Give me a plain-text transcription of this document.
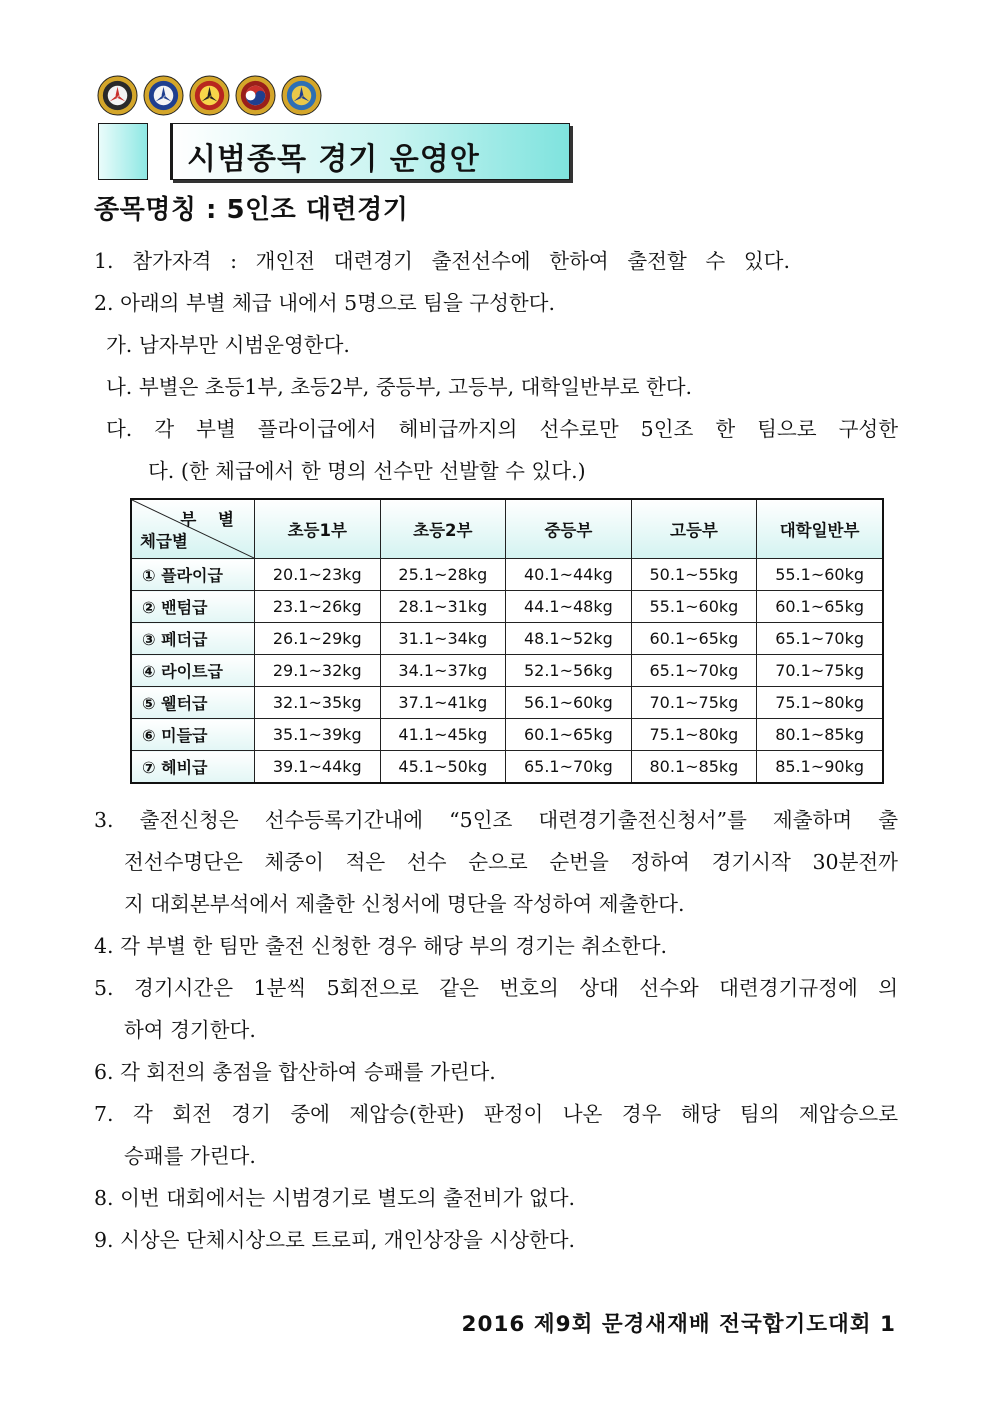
시범종목 경기 운영안
종목명칭 : 5인조 대련경기
1. 참가자격 : 개인전 대련경기 출전선수에 한하여 출전할 수 있다.
2. 아래의 부별 체급 내에서 5명으로 팀을 구성한다.
가. 남자부만 시범운영한다.
나. 부별은 초등1부, 초등2부, 중등부, 고등부, 대학일반부로 한다.
다. 각 부별 플라이급에서 헤비급까지의 선수로만 5인조 한 팀으로 구성한
다. (한 체급에서 한 명의 선수만 선발할 수 있다.)
부 별
체급별	초등1부	초등2부	중등부	고등부	대학일반부
① 플라이급	20.1~23kg	25.1~28kg	40.1~44kg	50.1~55kg	55.1~60kg
② 밴텀급	23.1~26kg	28.1~31kg	44.1~48kg	55.1~60kg	60.1~65kg
③ 페더급	26.1~29kg	31.1~34kg	48.1~52kg	60.1~65kg	65.1~70kg
④ 라이트급	29.1~32kg	34.1~37kg	52.1~56kg	65.1~70kg	70.1~75kg
⑤ 웰터급	32.1~35kg	37.1~41kg	56.1~60kg	70.1~75kg	75.1~80kg
⑥ 미들급	35.1~39kg	41.1~45kg	60.1~65kg	75.1~80kg	80.1~85kg
⑦ 헤비급	39.1~44kg	45.1~50kg	65.1~70kg	80.1~85kg	85.1~90kg
3. 출전신청은 선수등록기간내에 “5인조 대련경기출전신청서”를 제출하며 출
전선수명단은 체중이 적은 선수 순으로 순번을 정하여 경기시작 30분전까
지 대회본부석에서 제출한 신청서에 명단을 작성하여 제출한다.
4. 각 부별 한 팀만 출전 신청한 경우 해당 부의 경기는 취소한다.
5. 경기시간은 1분씩 5회전으로 같은 번호의 상대 선수와 대련경기규정에 의
하여 경기한다.
6. 각 회전의 총점을 합산하여 승패를 가린다.
7. 각 회전 경기 중에 제압승(한판) 판정이 나온 경우 해당 팀의 제압승으로
승패를 가린다.
8. 이번 대회에서는 시범경기로 별도의 출전비가 없다.
9. 시상은 단체시상으로 트로피, 개인상장을 시상한다.
2016 제9회 문경새재배 전국합기도대회 1
